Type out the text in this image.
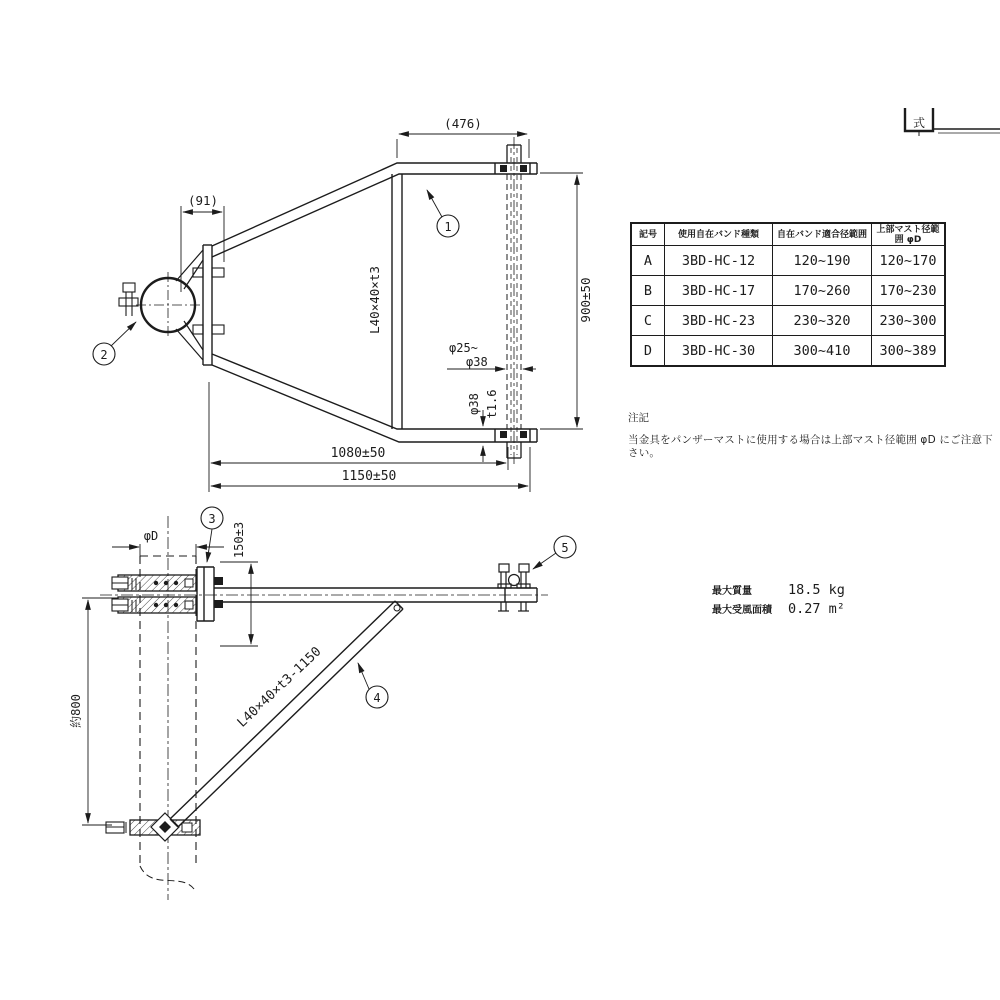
(476)
(91)
900±50
φ25~
φ38
φ38 t1.6
L40×40×t3
1080±50
1150±50
1
2
L40×40×t3-1150
φD	150±3
約800
3
4
5
式
記号	使用自在バンド種類	自在バンド適合径範囲	上部マスト径範囲 φD
A	3BD-HC-12	120~190	120~170
B	3BD-HC-17	170~260	170~230
C	3BD-HC-23	230~320	230~300
D	3BD-HC-30	300~410	300~389
注記
当金具をパンザーマストに使用する場合は上部マスト径範囲 φD にご注意下さい。
最大質量	18.5 kg
最大受風面積	0.27 m²
